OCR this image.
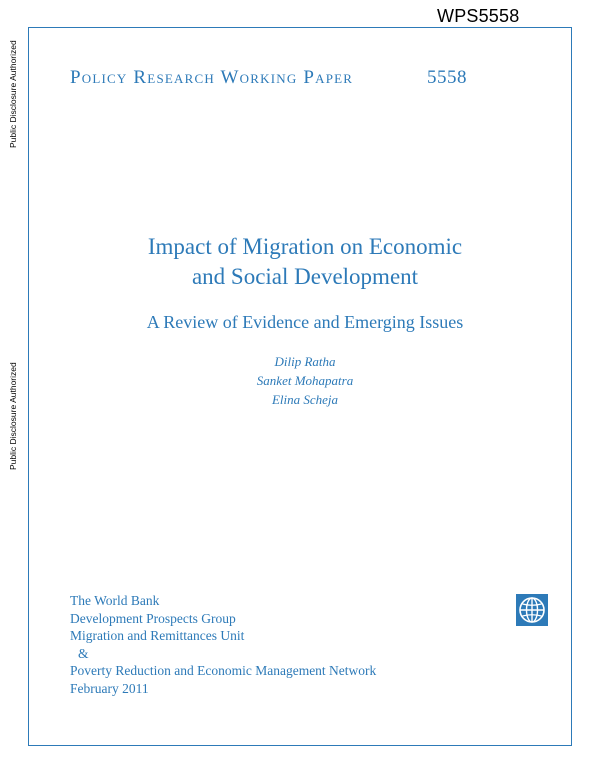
WPS5558
Public Disclosure Authorized
Public Disclosure Authorized
Policy Research Working Paper	5558
Impact of Migration on Economic
and Social Development
A Review of Evidence and Emerging Issues
Dilip Ratha
Sanket Mohapatra
Elina Scheja
The World Bank
Development Prospects Group
Migration and Remittances Unit
&
Poverty Reduction and Economic Management Network
February 2011
